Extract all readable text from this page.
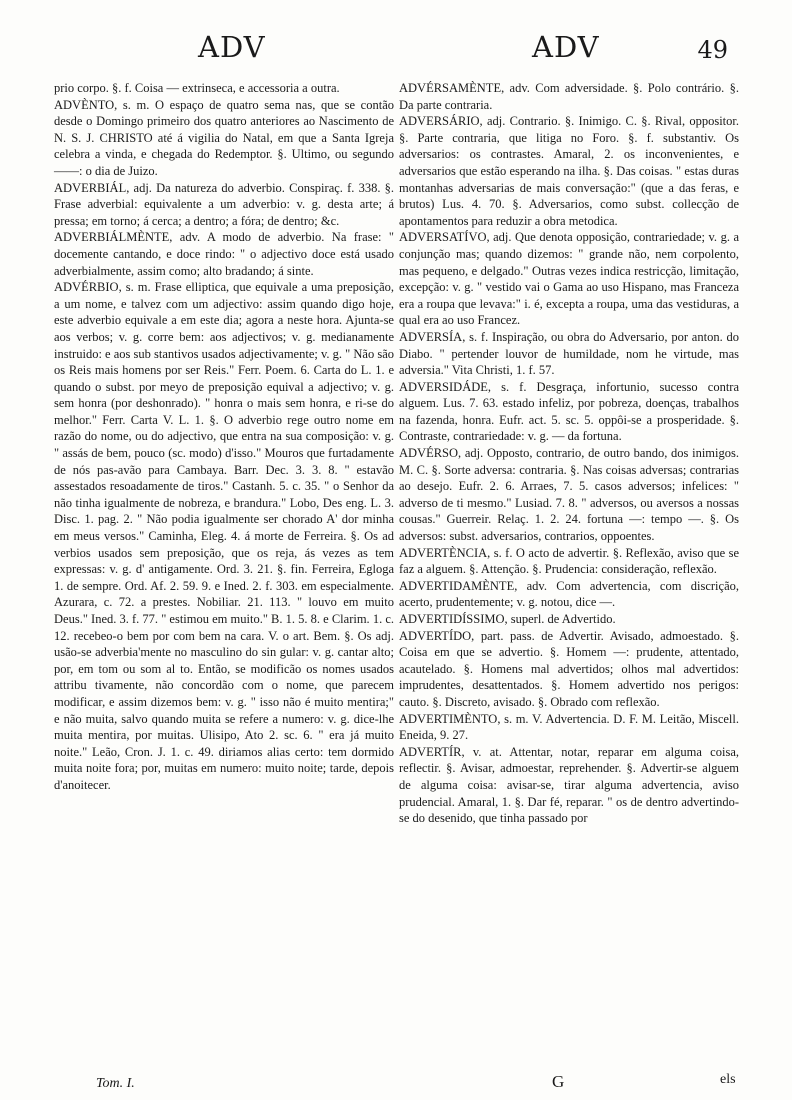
ADV	ADV	49

prio corpo. §. f. Coisa — extrinseca, e accessoria a outra.

ADVÈNTO, s. m. O espaço de quatro sema nas, que se contão desde o Domingo primeiro dos quatro anteriores ao Nascimento de N. S. J. CHRISTO até á vigilia do Natal, em que a Santa Igreja celebra a vinda, e chegada do Redemptor. §. Ultimo, ou segundo ——: o dia de Juizo.

ADVERBIÁL, adj. Da natureza do adverbio. Conspiraç. f. 338. §. Frase adverbial: equivalente a um adverbio: v. g. desta arte; á pressa; em torno; á cerca; a dentro; a fóra; de dentro; &c.

ADVERBIÁLMÈNTE, adv. A modo de adverbio. Na frase: " docemente cantando, e doce rindo: " o adjectivo doce está usado adverbialmente, assim como; alto bradando; á sinte.

ADVÉRBIO, s. m. Frase elliptica, que equivale a uma preposição, a um nome, e talvez com um adjectivo: assim quando digo hoje, este adverbio equivale a em este dia; agora a neste hora. Ajunta-se aos verbos; v. g. corre bem: aos adjectivos; v. g. medianamente instruido: e aos sub stantivos usados adjectivamente; v. g. " Não são os Reis mais homens por ser Reis." Ferr. Poem. 6. Carta do L. 1. e quando o subst. por meyo de preposição equival a adjectivo; v. g. sem honra (por deshonrado). " honra o mais sem honra, e ri-se do melhor." Ferr. Carta V. L. 1. §. O adverbio rege outro nome em razão do nome, ou do adjectivo, que entra na sua composição: v. g. " assás de bem, pouco (sc. modo) d'isso." Mouros que furtadamente de nós pas-avão para Cambaya. Barr. Dec. 3. 3. 8. " estavão assestados resoadamente de tiros." Castanh. 5. c. 35. " o Senhor da não tinha igualmente de nobreza, e brandura." Lobo, Des eng. L. 3. Disc. 1. pag. 2. " Não podia igualmente ser chorado A' dor minha em meus versos." Caminha, Eleg. 4. á morte de Ferreira. §. Os ad verbios usados sem preposição, que os reja, ás vezes as tem expressas: v. g. d' antigamente. Ord. 3. 21. §. fin. Ferreira, Egloga 1. de sempre. Ord. Af. 2. 59. 9. e Ined. 2. f. 303. em especialmente. Azurara, c. 72. a prestes. Nobiliar. 21. 113. " louvo em muito Deus." Ined. 3. f. 77. " estimou em muito." B. 1. 5. 8. e Clarim. 1. c. 12. recebeo-o bem por com bem na cara. V. o art. Bem. §. Os adj. usão-se adverbia'mente no masculino do sin gular: v. g. cantar alto; por, em tom ou som al to. Então, se modificão os nomes usados attribu tivamente, não concordão com o nome, que parecem modificar, e assim dizemos bem: v. g. " isso não é muito mentira;" e não muita, salvo quando muita se refere a numero: v. g. dice-lhe muita mentira, por muitas. Ulisipo, Ato 2. sc. 6. " era já muito noite." Leão, Cron. J. 1. c. 49. diriamos alias certo: tem dormido muita noite fora; por, muitas em numero: muito noite; tarde, depois d'anoitecer.

ADVÉRSAMÈNTE, adv. Com adversidade. §. Polo contrário. §. Da parte contraria.

ADVERSÁRIO, adj. Contrario. §. Inimigo. C. §. Rival, oppositor. §. Parte contraria, que litiga no Foro. §. f. substantiv. Os adversarios: os contrastes. Amaral, 2. os inconvenientes, e adversarios que estão esperando na ilha. §. Das coisas. " estas duras montanhas adversarias de mais conversação:" (que a das feras, e brutos) Lus. 4. 70. §. Adversarios, como subst. collecção de apontamentos para reduzir a obra metodica.

ADVERSATÍVO, adj. Que denota opposição, contrariedade; v. g. a conjunção mas; quando dizemos: " grande não, nem corpolento, mas pequeno, e delgado." Outras vezes indica restricção, limitação, excepção: v. g. " vestido vai o Gama ao uso Hispano, mas Franceza era a roupa que levava:" i. é, excepta a roupa, uma das vestiduras, a qual era ao uso Francez.

ADVERSÍA, s. f. Inspiração, ou obra do Adversario, por anton. do Diabo. " pertender louvor de humildade, nom he virtude, mas adversia." Vita Christi, 1. f. 57.

ADVERSIDÁDE, s. f. Desgraça, infortunio, sucesso contra alguem. Lus. 7. 63. estado infeliz, por pobreza, doenças, trabalhos na fazenda, honra. Eufr. act. 5. sc. 5. oppôi-se a prosperidade. §. Contraste, contrariedade: v. g. — da fortuna.

ADVÉRSO, adj. Opposto, contrario, de outro bando, dos inimigos. M. C. §. Sorte adversa: contraria. §. Nas coisas adversas; contrarias ao desejo. Eufr. 2. 6. Arraes, 7. 5. casos adversos; infelices: " adverso de ti mesmo." Lusiad. 7. 8. " adversos, ou aversos a nossas cousas." Guerreir. Relaç. 1. 2. 24. fortuna —: tempo —. §. Os adversos: subst. adversarios, contrarios, oppoentes.

ADVERTÈNCIA, s. f. O acto de advertir. §. Reflexão, aviso que se faz a alguem. §. Attenção. §. Prudencia: consideração, reflexão.

ADVERTIDAMÈNTE, adv. Com advertencia, com discrição, acerto, prudentemente; v. g. notou, dice —.

ADVERTIDÍSSIMO, superl. de Advertido.

ADVERTÍDO, part. pass. de Advertir. Avisado, admoestado. §. Coisa em que se advertio. §. Homem —: prudente, attentado, acautelado. §. Homens mal advertidos; olhos mal advertidos: imprudentes, desattentados. §. Homem advertido nos perigos: cauto. §. Discreto, avisado. §. Obrado com reflexão.

ADVERTIMÈNTO, s. m. V. Advertencia. D. F. M. Leitão, Miscell. Eneida, 9. 27.

ADVERTÍR, v. at. Attentar, notar, reparar em alguma coisa, reflectir. §. Avisar, admoestar, reprehender. §. Advertir-se alguem de alguma coisa: avisar-se, tirar alguma advertencia, aviso prudencial. Amaral, 1. §. Dar fé, reparar. " os de dentro advertindo-se do desenido, que tinha passado por

Tom. I.	G	els
